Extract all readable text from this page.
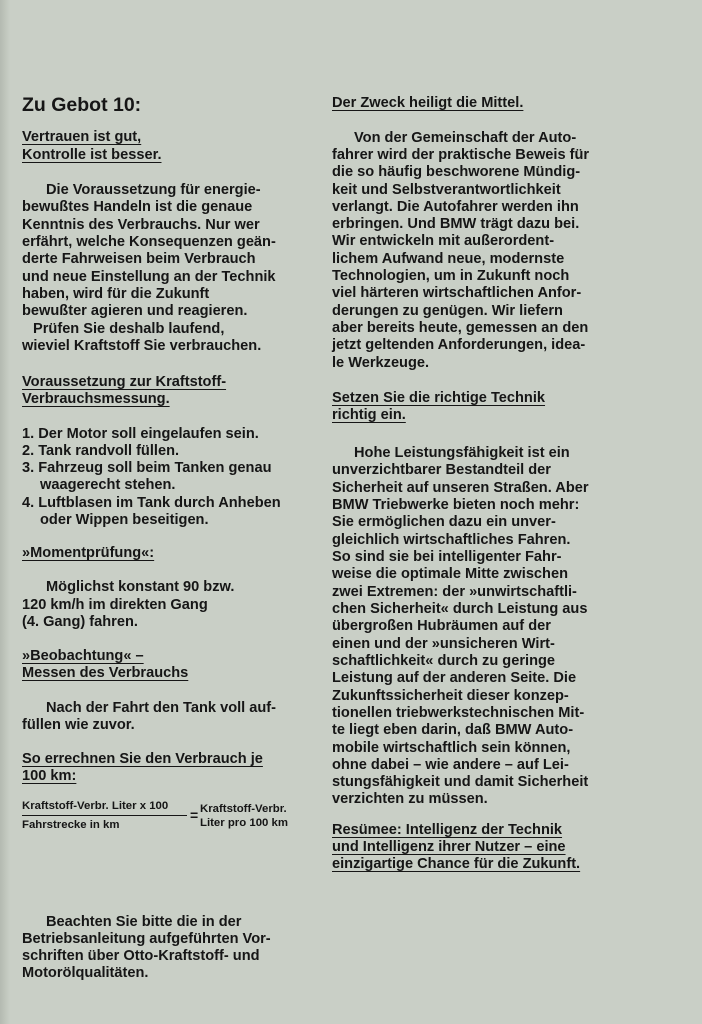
Zu Gebot 10:
Vertrauen ist gut,
Kontrolle ist besser.
Die Voraussetzung für energie-
bewußtes Handeln ist die genaue
Kenntnis des Verbrauchs. Nur wer
erfährt, welche Konsequenzen geän-
derte Fahrweisen beim Verbrauch
und neue Einstellung an der Technik
haben, wird für die Zukunft
bewußter agieren und reagieren.
Prüfen Sie deshalb laufend,
wieviel Kraftstoff Sie verbrauchen.
Voraussetzung zur Kraftstoff-
Verbrauchsmessung.
1. Der Motor soll eingelaufen sein.
2. Tank randvoll füllen.
3. Fahrzeug soll beim Tanken genau
waagerecht stehen.
4. Luftblasen im Tank durch Anheben
oder Wippen beseitigen.
»Momentprüfung«:
Möglichst konstant 90 bzw.
120 km/h im direkten Gang
(4. Gang) fahren.
»Beobachtung« –
Messen des Verbrauchs
Nach der Fahrt den Tank voll auf-
füllen wie zuvor.
So errechnen Sie den Verbrauch je
100 km:
Kraftstoff-Verbr. Liter x 100
Fahrstrecke in km
= Kraftstoff-Verbr.
Liter pro 100 km
Beachten Sie bitte die in der
Betriebsanleitung aufgeführten Vor-
schriften über Otto-Kraftstoff- und
Motorölqualitäten.
Der Zweck heiligt die Mittel.
Von der Gemeinschaft der Auto-
fahrer wird der praktische Beweis für
die so häufig beschworene Mündig-
keit und Selbstverantwortlichkeit
verlangt. Die Autofahrer werden ihn
erbringen. Und BMW trägt dazu bei.
Wir entwickeln mit außerordent-
lichem Aufwand neue, modernste
Technologien, um in Zukunft noch
viel härteren wirtschaftlichen Anfor-
derungen zu genügen. Wir liefern
aber bereits heute, gemessen an den
jetzt geltenden Anforderungen, idea-
le Werkzeuge.
Setzen Sie die richtige Technik
richtig ein.
Hohe Leistungsfähigkeit ist ein
unverzichtbarer Bestandteil der
Sicherheit auf unseren Straßen. Aber
BMW Triebwerke bieten noch mehr:
Sie ermöglichen dazu ein unver-
gleichlich wirtschaftliches Fahren.
So sind sie bei intelligenter Fahr-
weise die optimale Mitte zwischen
zwei Extremen: der »unwirtschaftli-
chen Sicherheit« durch Leistung aus
übergroßen Hubräumen auf der
einen und der »unsicheren Wirt-
schaftlichkeit« durch zu geringe
Leistung auf der anderen Seite. Die
Zukunftssicherheit dieser konzep-
tionellen triebwerkstechnischen Mit-
te liegt eben darin, daß BMW Auto-
mobile wirtschaftlich sein können,
ohne dabei – wie andere – auf Lei-
stungsfähigkeit und damit Sicherheit
verzichten zu müssen.
Resümee: Intelligenz der Technik
und Intelligenz ihrer Nutzer – eine
einzigartige Chance für die Zukunft.
